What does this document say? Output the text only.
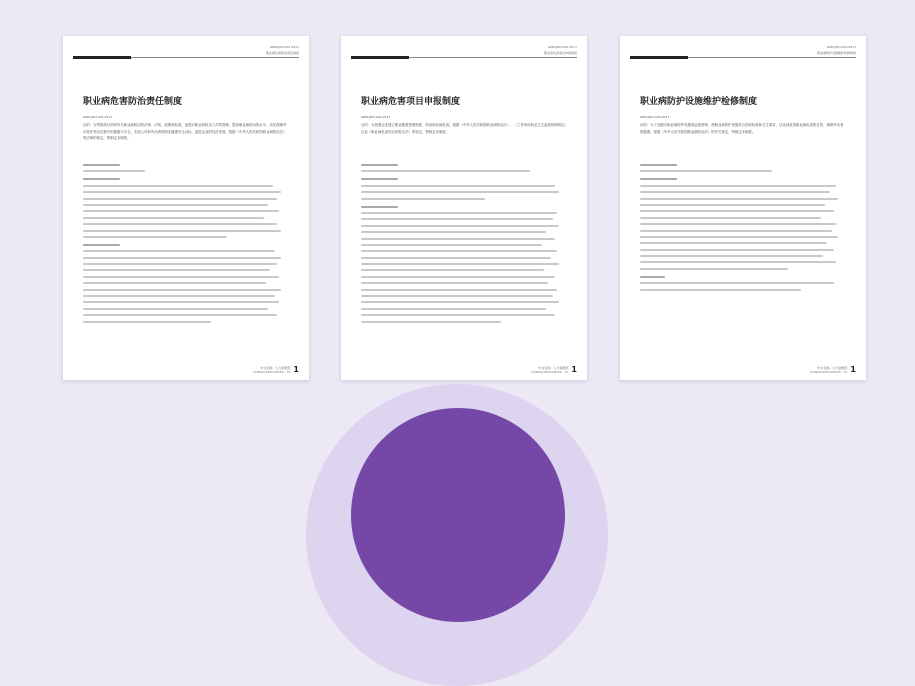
GPPL/JKH-001-2017
职业病危害防治责任制度
职业病危害防治责任制度
GPPL/JKH-001-2017
目的：为贯彻执行国家有关职业病防治的法律、法规、政策和标准，加强对职业病防治工作的管理，提高职业病防治的水平，切实保障劳动者在劳动过程中的健康与安全，实现公司和劳动者的职业健康安全目标，促进企业的经济发展，根据《中华人民共和国职业病防治法》等法律的规定，特制定本制度。
中文名称：人力资源部
HUMAN RESOURCES · TC 1
GPPL/JKH-002-2017
职业病危害项目申报制度
职业病危害项目申报制度
GPPL/JKH-002-2017
目的：为加强企业建立职业健康管理制度，防治职业病危害。根据《中华人民共和国职业病防治法》、《工作场所职业卫生监督管理规定》以及《职业病危害项目申报办法》的规定，特制定本制度。
中文名称：人力资源部
HUMAN RESOURCES · TC 1
GPPL/JKH-003-2017
职业病防护设施维护检修制度
职业病防护设施维护检修制度
GPPL/JKH-003-2017
目的：为了加强对职业病防护设施的监督管理，使职业病防护设施符合国家标准和卫生要求，以达到改善职业病危害的目的，保障劳动者的健康。根据《中华人民共和国职业病防治法》的有关规定，特制定本制度。
中文名称：人力资源部
HUMAN RESOURCES · TC 1
